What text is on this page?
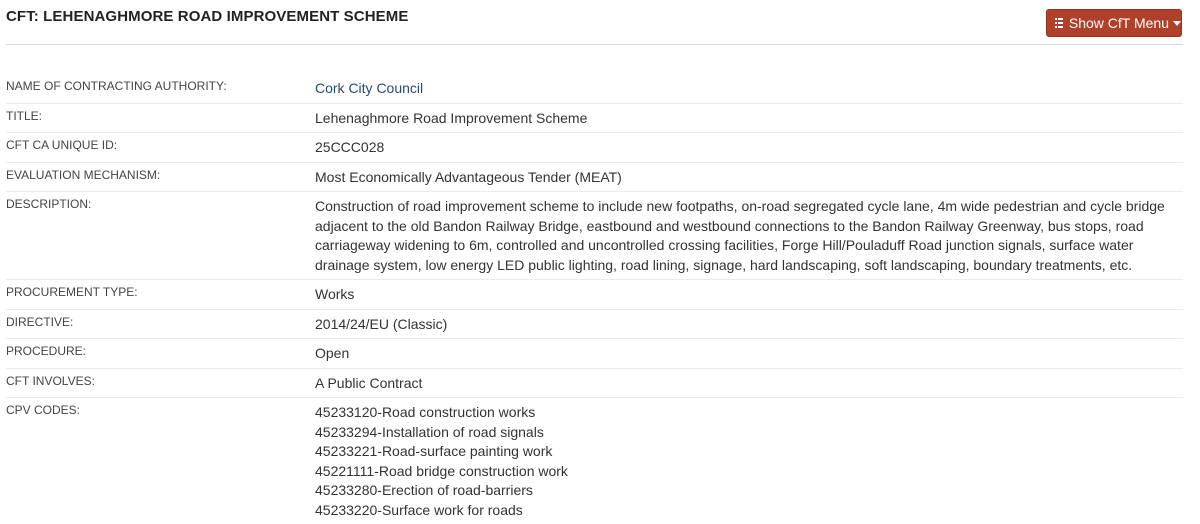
CFT: LEHENAGHMORE ROAD IMPROVEMENT SCHEME	Show CfT Menu
NAME OF CONTRACTING AUTHORITY:	Cork City Council
TITLE:	Lehenaghmore Road Improvement Scheme
CFT CA UNIQUE ID:	25CCC028
EVALUATION MECHANISM:	Most Economically Advantageous Tender (MEAT)
DESCRIPTION:	Construction of road improvement scheme to include new footpaths, on-road segregated cycle lane, 4m wide pedestrian and cycle bridge adjacent to the old Bandon Railway Bridge, eastbound and westbound connections to the Bandon Railway Greenway, bus stops, road carriageway widening to 6m, controlled and uncontrolled crossing facilities, Forge Hill/Pouladuff Road junction signals, surface water drainage system, low energy LED public lighting, road lining, signage, hard landscaping, soft landscaping, boundary treatments, etc.
PROCUREMENT TYPE:	Works
DIRECTIVE:	2014/24/EU (Classic)
PROCEDURE:	Open
CFT INVOLVES:	A Public Contract
CPV CODES:	45233120-Road construction works
45233294-Installation of road signals
45233221-Road-surface painting work
45221111-Road bridge construction work
45233280-Erection of road-barriers
45233220-Surface work for roads
